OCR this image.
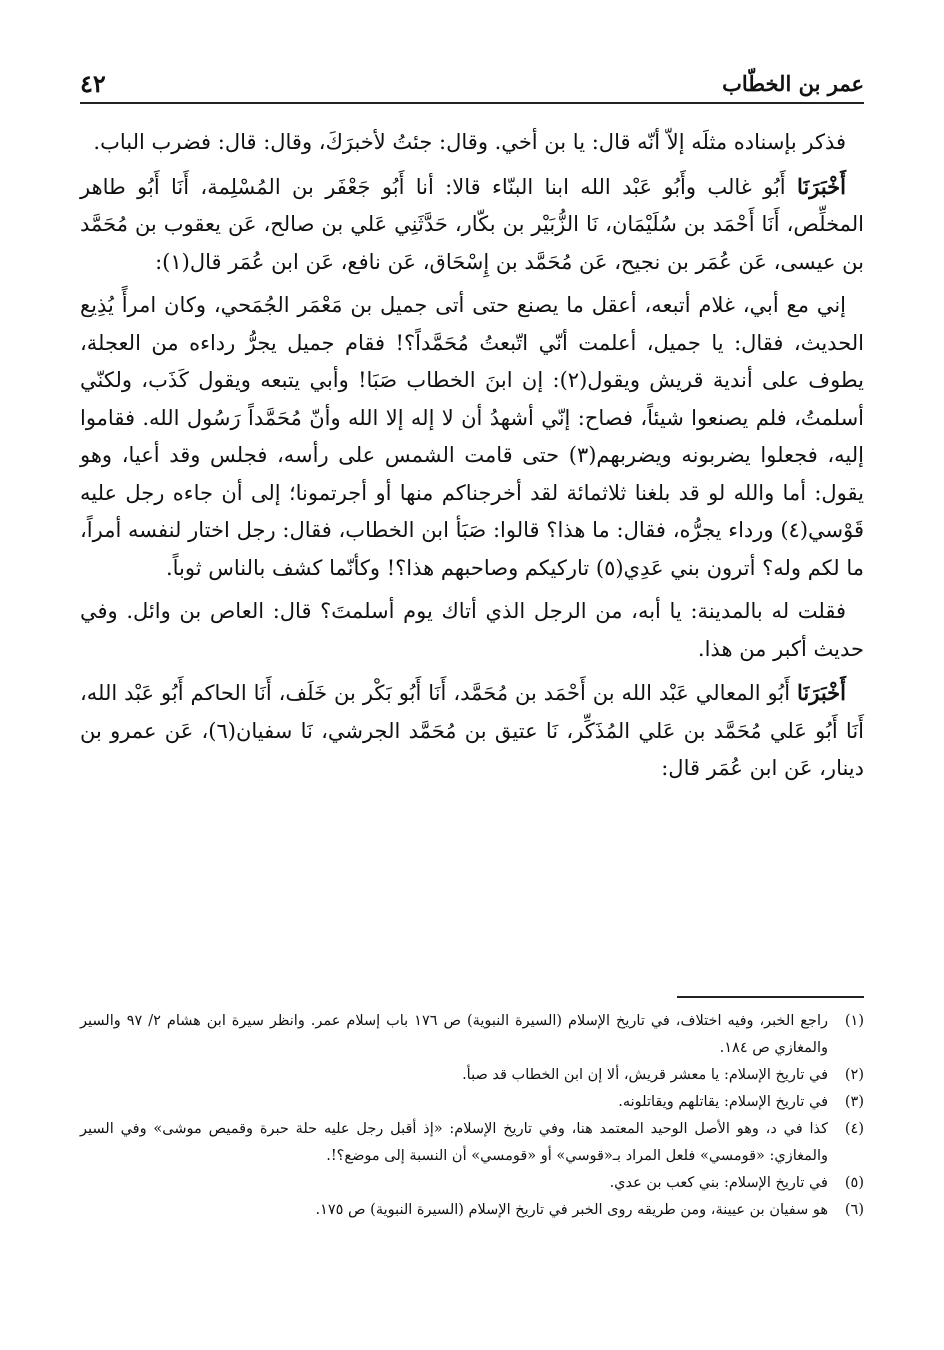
عمر بن الخطّاب
٤٢

فذكر بإسناده مثلَه إلاّ أنّه قال: يا بن أخي. وقال: جئتُ لأخبرَكَ، وقال: قال: فضرب الباب.

أَخْبَرَنَا أَبُو غالب وأَبُو عَبْد الله ابنا البنّاء قالا: أنا أَبُو جَعْفَر بن المُسْلِمة، أَنَا أَبُو طاهر المخلِّص، أَنَا أَحْمَد بن سُلَيْمَان، نَا الزُّبَيْر بن بكّار، حَدَّثَنِي عَلي بن صالح، عَن يعقوب بن مُحَمَّد بن عيسى، عَن عُمَر بن نجيح، عَن مُحَمَّد بن إِسْحَاق، عَن نافع، عَن ابن عُمَر قال(١):

إني مع أبي، غلام أتبعه، أعقل ما يصنع حتى أتى جميل بن مَعْمَر الجُمَحي، وكان امرأً يُذِيع الحديث، فقال: يا جميل، أعلمت أنّي اتّبعتُ مُحَمَّداً؟! فقام جميل يجرُّ رداءه من العجلة، يطوف على أندية قريش ويقول(٢): إن ابنَ الخطاب صَبَا! وأبي يتبعه ويقول كَذَب، ولكنّي أسلمتُ، فلم يصنعوا شيئاً، فصاح: إنّي أشهدُ أن لا إله إلا الله وأنّ مُحَمَّداً رَسُول الله. فقاموا إليه، فجعلوا يضربونه ويضربهم(٣) حتى قامت الشمس على رأسه، فجلس وقد أعيا، وهو يقول: أما والله لو قد بلغنا ثلاثمائة لقد أخرجناكم منها أو أجرتمونا؛ إلى أن جاءه رجل عليه قَوْسي(٤) ورداء يجرُّه، فقال: ما هذا؟ قالوا: صَبَأ ابن الخطاب، فقال: رجل اختار لنفسه أمراً، ما لكم وله؟ أترون بني عَدِي(٥) تاركيكم وصاحبهم هذا؟! وكأنّما كشف بالناس ثوباً.

فقلت له بالمدينة: يا أبه، من الرجل الذي أتاك يوم أسلمتَ؟ قال: العاص بن وائل. وفي حديث أكبر من هذا.

أَخْبَرَنَا أَبُو المعالي عَبْد الله بن أَحْمَد بن مُحَمَّد، أَنَا أَبُو بَكْر بن خَلَف، أَنَا الحاكم أَبُو عَبْد الله، أَنَا أَبُو عَلي مُحَمَّد بن عَلي المُذَكِّر، نَا عتيق بن مُحَمَّد الجرشي، نَا سفيان(٦)، عَن عمرو بن دينار، عَن ابن عُمَر قال:

(١)
راجع الخبر، وفيه اختلاف، في تاريخ الإسلام (السيرة النبوية) ص ١٧٦ باب إسلام عمر. وانظر سيرة ابن هشام ٢/ ٩٧ والسير والمغازي ص ١٨٤.
(٢)
في تاريخ الإسلام: يا معشر قريش، ألا إن ابن الخطاب قد صبأ.
(٣)
في تاريخ الإسلام: يقاتلهم ويقاتلونه.
(٤)
كذا في د، وهو الأصل الوحيد المعتمد هنا، وفي تاريخ الإسلام: «إذ أقبل رجل عليه حلة حبرة وقميص موشى» وفي السير والمغازي: «قومسي» فلعل المراد بـ«قوسي» أو «قومسي» أن النسبة إلى موضع؟!.
(٥)
في تاريخ الإسلام: بني كعب بن عدي.
(٦)
هو سفيان بن عيينة، ومن طريقه روى الخبر في تاريخ الإسلام (السيرة النبوية) ص ١٧٥.
